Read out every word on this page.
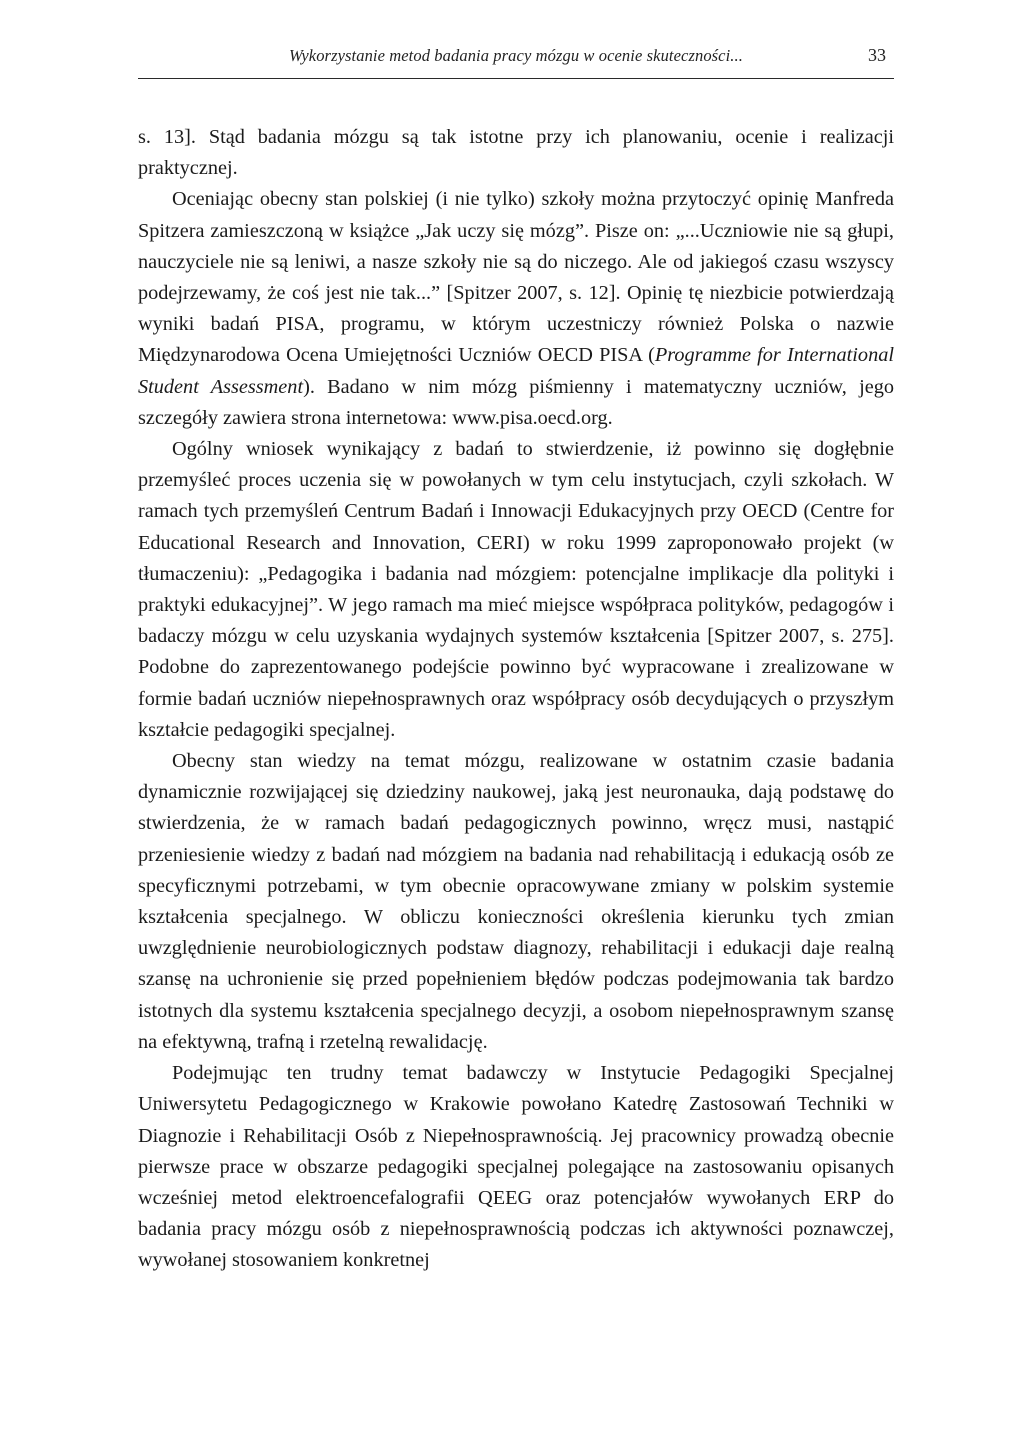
Wykorzystanie metod badania pracy mózgu w ocenie skuteczności...	33

s. 13]. Stąd badania mózgu są tak istotne przy ich planowaniu, ocenie i realizacji praktycznej.

Oceniając obecny stan polskiej (i nie tylko) szkoły można przytoczyć opinię Manfreda Spitzera zamieszczoną w książce „Jak uczy się mózg”. Pisze on: „...Uczniowie nie są głupi, nauczyciele nie są leniwi, a nasze szkoły nie są do niczego. Ale od jakiegoś czasu wszyscy podejrzewamy, że coś jest nie tak...” [Spitzer 2007, s. 12]. Opinię tę niezbicie potwierdzają wyniki badań PISA, programu, w którym uczestniczy również Polska o nazwie Międzynarodowa Ocena Umiejętności Uczniów OECD PISA (Programme for International Student Assessment). Badano w nim mózg piśmienny i matematyczny uczniów, jego szczegóły zawiera strona internetowa: www.pisa.oecd.org.

Ogólny wniosek wynikający z badań to stwierdzenie, iż powinno się dogłębnie przemyśleć proces uczenia się w powołanych w tym celu instytucjach, czyli szkołach. W ramach tych przemyśleń Centrum Badań i Innowacji Edukacyjnych przy OECD (Centre for Educational Research and Innovation, CERI) w roku 1999 zaproponowało projekt (w tłumaczeniu): „Pedagogika i badania nad mózgiem: potencjalne implikacje dla polityki i praktyki edukacyjnej”. W jego ramach ma mieć miejsce współpraca polityków, pedagogów i badaczy mózgu w celu uzyskania wydajnych systemów kształcenia [Spitzer 2007, s. 275]. Podobne do zaprezentowanego podejście powinno być wypracowane i zrealizowane w formie badań uczniów niepełnosprawnych oraz współpracy osób decydujących o przyszłym kształcie pedagogiki specjalnej.

Obecny stan wiedzy na temat mózgu, realizowane w ostatnim czasie badania dynamicznie rozwijającej się dziedziny naukowej, jaką jest neuronauka, dają podstawę do stwierdzenia, że w ramach badań pedagogicznych powinno, wręcz musi, nastąpić przeniesienie wiedzy z badań nad mózgiem na badania nad rehabilitacją i edukacją osób ze specyficznymi potrzebami, w tym obecnie opracowywane zmiany w polskim systemie kształcenia specjalnego. W obliczu konieczności określenia kierunku tych zmian uwzględnienie neurobiologicznych podstaw diagnozy, rehabilitacji i edukacji daje realną szansę na uchronienie się przed popełnieniem błędów podczas podejmowania tak bardzo istotnych dla systemu kształcenia specjalnego decyzji, a osobom niepełnosprawnym szansę na efektywną, trafną i rzetelną rewalidację.

Podejmując ten trudny temat badawczy w Instytucie Pedagogiki Specjalnej Uniwersytetu Pedagogicznego w Krakowie powołano Katedrę Zastosowań Techniki w Diagnozie i Rehabilitacji Osób z Niepełnosprawnością. Jej pracownicy prowadzą obecnie pierwsze prace w obszarze pedagogiki specjalnej polegające na zastosowaniu opisanych wcześniej metod elektroencefalografii QEEG oraz potencjałów wywołanych ERP do badania pracy mózgu osób z niepełnosprawnością podczas ich aktywności poznawczej, wywołanej stosowaniem konkretnej
